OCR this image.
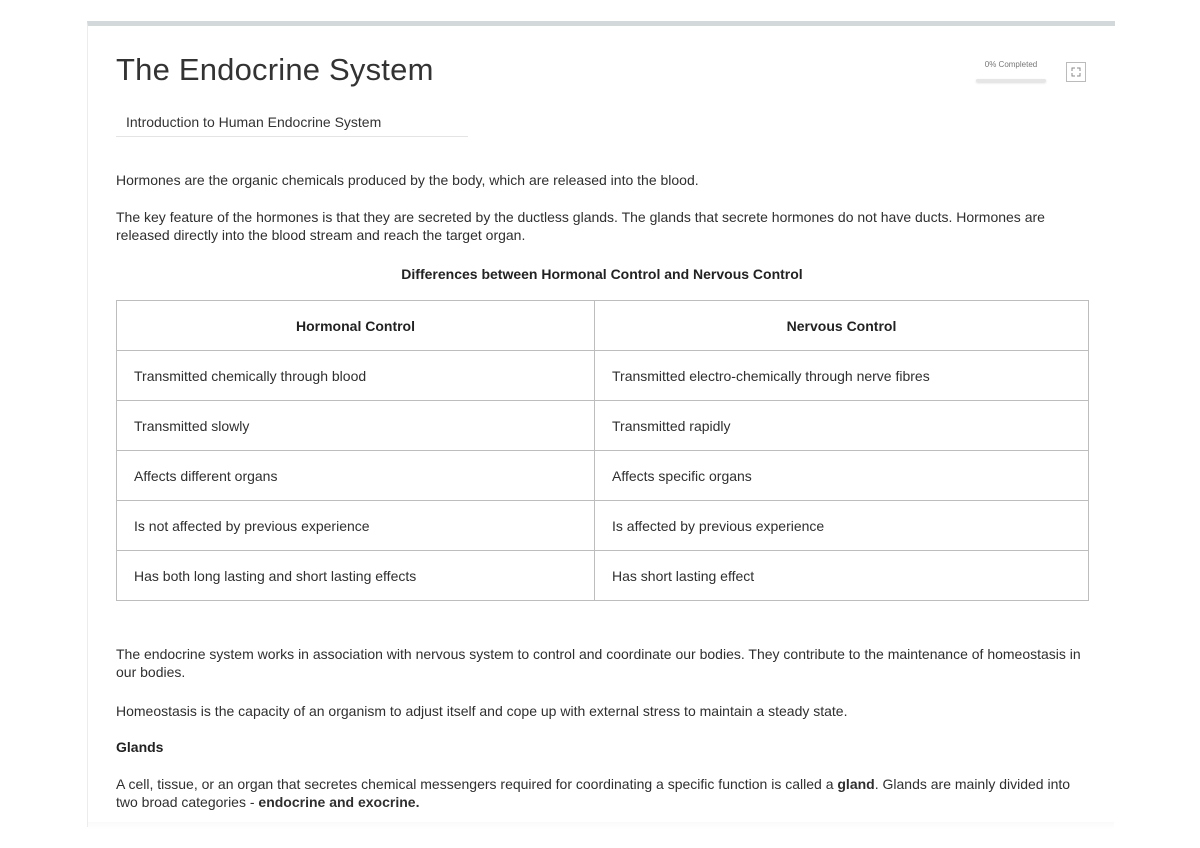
The Endocrine System	0% Completed
Introduction to Human Endocrine System

Hormones are the organic chemicals produced by the body, which are released into the blood.

The key feature of the hormones is that they are secreted by the ductless glands. The glands that secrete hormones do not have ducts. Hormones are released directly into the blood stream and reach the target organ.

Differences between Hormonal Control and Nervous Control
Hormonal Control	Nervous Control
Transmitted chemically through blood	Transmitted electro-chemically through nerve fibres
Transmitted slowly	Transmitted rapidly
Affects different organs	Affects specific organs
Is not affected by previous experience	Is affected by previous experience
Has both long lasting and short lasting effects	Has short lasting effect

The endocrine system works in association with nervous system to control and coordinate our bodies. They contribute to the maintenance of homeostasis in our bodies.

Homeostasis is the capacity of an organism to adjust itself and cope up with external stress to maintain a steady state.

Glands

A cell, tissue, or an organ that secretes chemical messengers required for coordinating a specific function is called a gland. Glands are mainly divided into two broad categories - endocrine and exocrine.
